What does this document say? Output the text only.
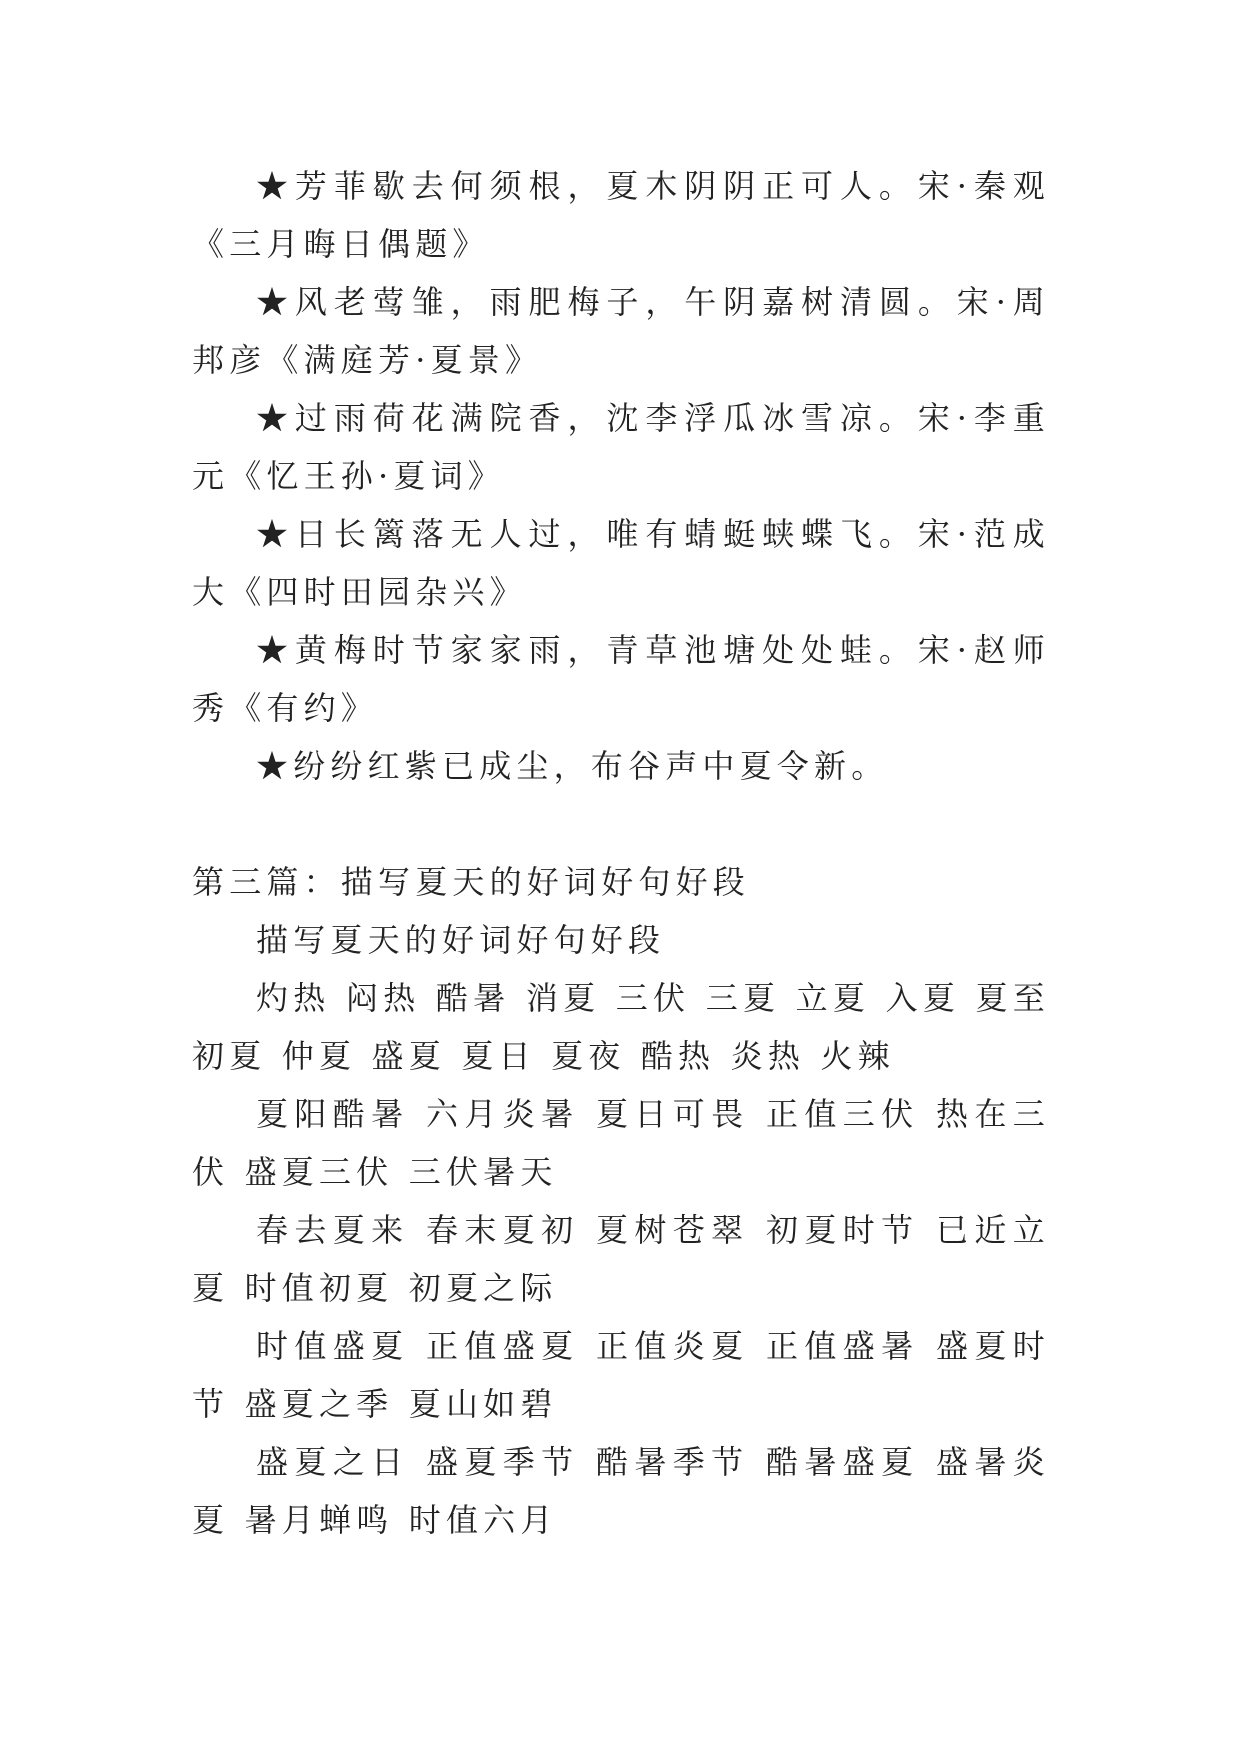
★芳菲歇去何须根，夏木阴阴正可人。宋·秦观《三月晦日偶题》

★风老莺雏，雨肥梅子，午阴嘉树清圆。宋·周邦彦《满庭芳·夏景》

★过雨荷花满院香，沈李浮瓜冰雪凉。宋·李重元《忆王孙·夏词》

★日长篱落无人过，唯有蜻蜓蛱蝶飞。宋·范成大《四时田园杂兴》

★黄梅时节家家雨，青草池塘处处蛙。宋·赵师秀《有约》

★纷纷红紫已成尘，布谷声中夏令新。

第三篇：描写夏天的好词好句好段

描写夏天的好词好句好段

灼热 闷热 酷暑 消夏 三伏 三夏 立夏 入夏 夏至 初夏 仲夏 盛夏 夏日 夏夜 酷热 炎热 火辣

夏阳酷暑 六月炎暑 夏日可畏 正值三伏 热在三伏 盛夏三伏 三伏暑天

春去夏来 春末夏初 夏树苍翠 初夏时节 已近立夏 时值初夏 初夏之际

时值盛夏 正值盛夏 正值炎夏 正值盛暑 盛夏时节 盛夏之季 夏山如碧

盛夏之日 盛夏季节 酷暑季节 酷暑盛夏 盛暑炎夏 暑月蝉鸣 时值六月
